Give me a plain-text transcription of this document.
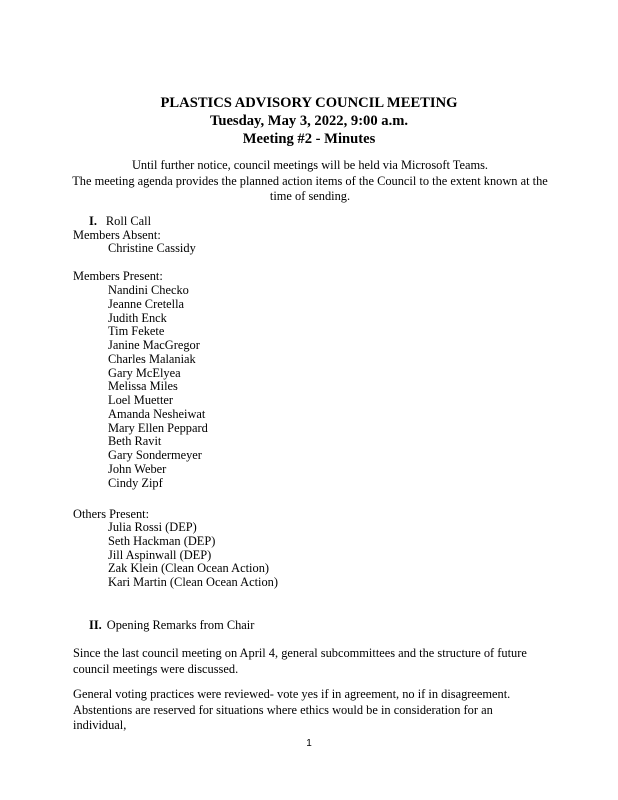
PLASTICS ADVISORY COUNCIL MEETING
Tuesday, May 3, 2022, 9:00 a.m.
Meeting #2 - Minutes
Until further notice, council meetings will be held via Microsoft Teams.
The meeting agenda provides the planned action items of the Council to the extent known at the time of sending.
I. Roll Call
Members Absent:
Christine Cassidy
Members Present:
Nandini Checko
Jeanne Cretella
Judith Enck
Tim Fekete
Janine MacGregor
Charles Malaniak
Gary McElyea
Melissa Miles
Loel Muetter
Amanda Nesheiwat
Mary Ellen Peppard
Beth Ravit
Gary Sondermeyer
John Weber
Cindy Zipf
Others Present:
Julia Rossi (DEP)
Seth Hackman (DEP)
Jill Aspinwall (DEP)
Zak Klein (Clean Ocean Action)
Kari Martin (Clean Ocean Action)
II. Opening Remarks from Chair
Since the last council meeting on April 4, general subcommittees and the structure of future council meetings were discussed.
General voting practices were reviewed- vote yes if in agreement, no if in disagreement. Abstentions are reserved for situations where ethics would be in consideration for an individual,
1
